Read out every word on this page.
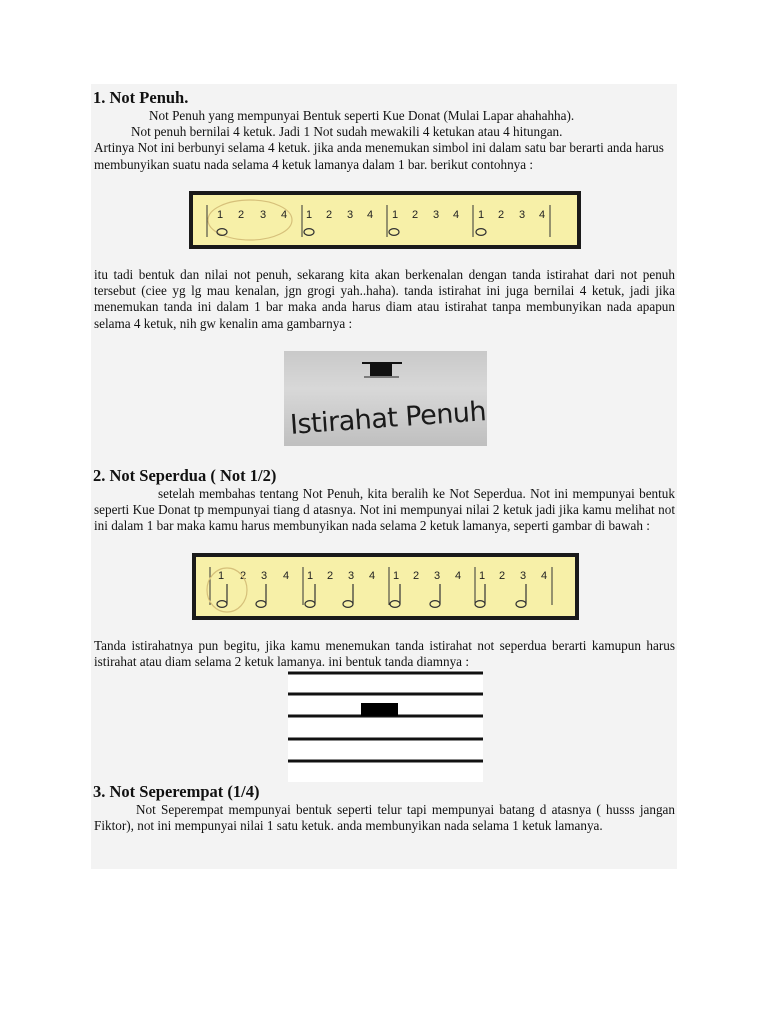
1. Not Penuh.

Not Penuh yang mempunyai Bentuk seperti Kue Donat (Mulai Lapar ahahahha).
Not penuh bernilai 4 ketuk. Jadi 1 Not sudah mewakili 4 ketukan atau 4 hitungan.
Artinya Not ini berbunyi selama 4 ketuk. jika anda menemukan simbol ini dalam satu bar berarti anda harus membunyikan suatu nada selama 4 ketuk lamanya dalam 1 bar. berikut contohnya :

1 2 3 4 1 2 3 4 1 2 3 4 1 2 3 4

itu tadi bentuk dan nilai not penuh, sekarang kita akan berkenalan dengan tanda istirahat dari not penuh tersebut (ciee yg lg mau kenalan, jgn grogi yah..haha). tanda istirahat ini juga bernilai 4 ketuk, jadi jika menemukan tanda ini dalam 1 bar maka anda harus diam atau istirahat tanpa membunyikan nada apapun selama 4 ketuk, nih gw kenalin ama gambarnya :

Istirahat Penuh
2. Not Seperdua ( Not 1/2)

setelah membahas tentang Not Penuh, kita beralih ke Not Seperdua. Not ini mempunyai bentuk seperti Kue Donat tp mempunyai tiang d atasnya. Not ini mempunyai nilai 2 ketuk jadi jika kamu melihat not ini dalam 1 bar maka kamu harus membunyikan nada selama 2 ketuk lamanya, seperti gambar di bawah :

1 2 3 4 1 2 3 4 1 2 3 4 1 2 3 4

Tanda istirahatnya pun begitu, jika kamu menemukan tanda istirahat not seperdua berarti kamupun harus istirahat atau diam selama 2 ketuk lamanya. ini bentuk tanda diamnya :

3. Not Seperempat (1/4)

Not Seperempat mempunyai bentuk seperti telur tapi mempunyai batang d atasnya ( husss jangan Fiktor), not ini mempunyai nilai 1 satu ketuk. anda membunyikan nada selama 1 ketuk lamanya.
